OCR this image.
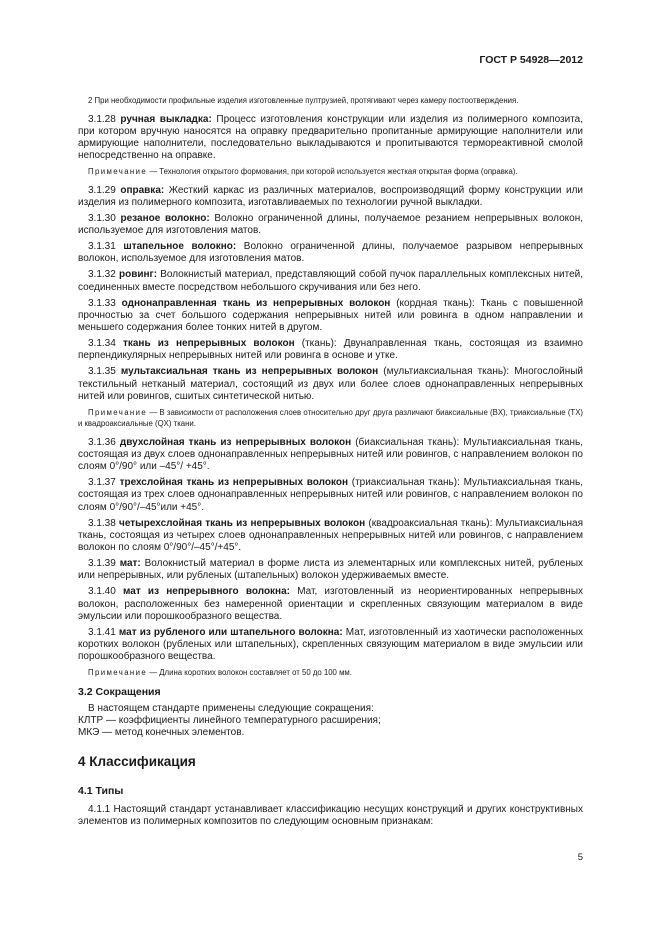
ГОСТ Р 54928—2012

2 При необходимости профильные изделия изготовленные пултрузией, протягивают через камеру постоотверждения.

3.1.28 ручная выкладка: Процесс изготовления конструкции или изделия из полимерного композита, при котором вручную наносятся на оправку предварительно пропитанные армирующие наполнители или армирующие наполнители, последовательно выкладываются и пропитываются термореактивной смолой непосредственно на оправке.

Примечание — Технология открытого формования, при которой используется жесткая открытая форма (оправка).

3.1.29 оправка: Жесткий каркас из различных материалов, воспроизводящий форму конструкции или изделия из полимерного композита, изготавливаемых по технологии ручной выкладки.

3.1.30 резаное волокно: Волокно ограниченной длины, получаемое резанием непрерывных волокон, используемое для изготовления матов.

3.1.31 штапельное волокно: Волокно ограниченной длины, получаемое разрывом непрерывных волокон, используемое для изготовления матов.

3.1.32 ровинг: Волокнистый материал, представляющий собой пучок параллельных комплексных нитей, соединенных вместе посредством небольшого скручивания или без него.

3.1.33 однонаправленная ткань из непрерывных волокон (кордная ткань): Ткань с повышенной прочностью за счет большого содержания непрерывных нитей или ровинга в одном направлении и меньшего содержания более тонких нитей в другом.

3.1.34 ткань из непрерывных волокон (ткань): Двунаправленная ткань, состоящая из взаимно перпендикулярных непрерывных нитей или ровинга в основе и утке.

3.1.35 мультаксиальная ткань из непрерывных волокон (мультиаксиальная ткань): Многослойный текстильный нетканый материал, состоящий из двух или более слоев однонаправленных непрерывных нитей или ровингов, сшитых синтетической нитью.

Примечание — В зависимости от расположения слоев относительно друг друга различают биаксиальные (BX), триаксиальные (TX) и квадроаксиальные (QX) ткани.

3.1.36 двухслойная ткань из непрерывных волокон (биаксиальная ткань): Мультиаксиальная ткань, состоящая из двух слоев однонаправленных непрерывных нитей или ровингов, с направлением волокон по слоям 0°/90° или –45°/ +45°.

3.1.37 трехслойная ткань из непрерывных волокон (триаксиальная ткань): Мультиаксиальная ткань, состоящая из трех слоев однонаправленных непрерывных нитей или ровингов, с направлением волокон по слоям 0°/90°/–45°или +45°.

3.1.38 четырехслойная ткань из непрерывных волокон (квадроаксиальная ткань): Мультиаксиальная ткань, состоящая из четырех слоев однонаправленных непрерывных нитей или ровингов, с направлением волокон по слоям 0°/90°/–45°/+45°.

3.1.39 мат: Волокнистый материал в форме листа из элементарных или комплексных нитей, рубленых или непрерывных, или рубленых (штапельных) волокон удерживаемых вместе.

3.1.40 мат из непрерывного волокна: Мат, изготовленный из неориентированных непрерывных волокон, расположенных без намеренной ориентации и скрепленных связующим материалом в виде эмульсии или порошкообразного вещества.

3.1.41 мат из рубленого или штапельного волокна: Мат, изготовленный из хаотически расположенных коротких волокон (рубленых или штапельных), скрепленных связующим материалом в виде эмульсии или порошкообразного вещества.

Примечание — Длина коротких волокон составляет от 50 до 100 мм.

3.2 Сокращения

В настоящем стандарте применены следующие сокращения:

КЛТР — коэффициенты линейного температурного расширения;

МКЭ — метод конечных элементов.

4 Классификация
4.1 Типы

4.1.1 Настоящий стандарт устанавливает классификацию несущих конструкций и других конструктивных элементов из полимерных композитов по следующим основным признакам:

5
